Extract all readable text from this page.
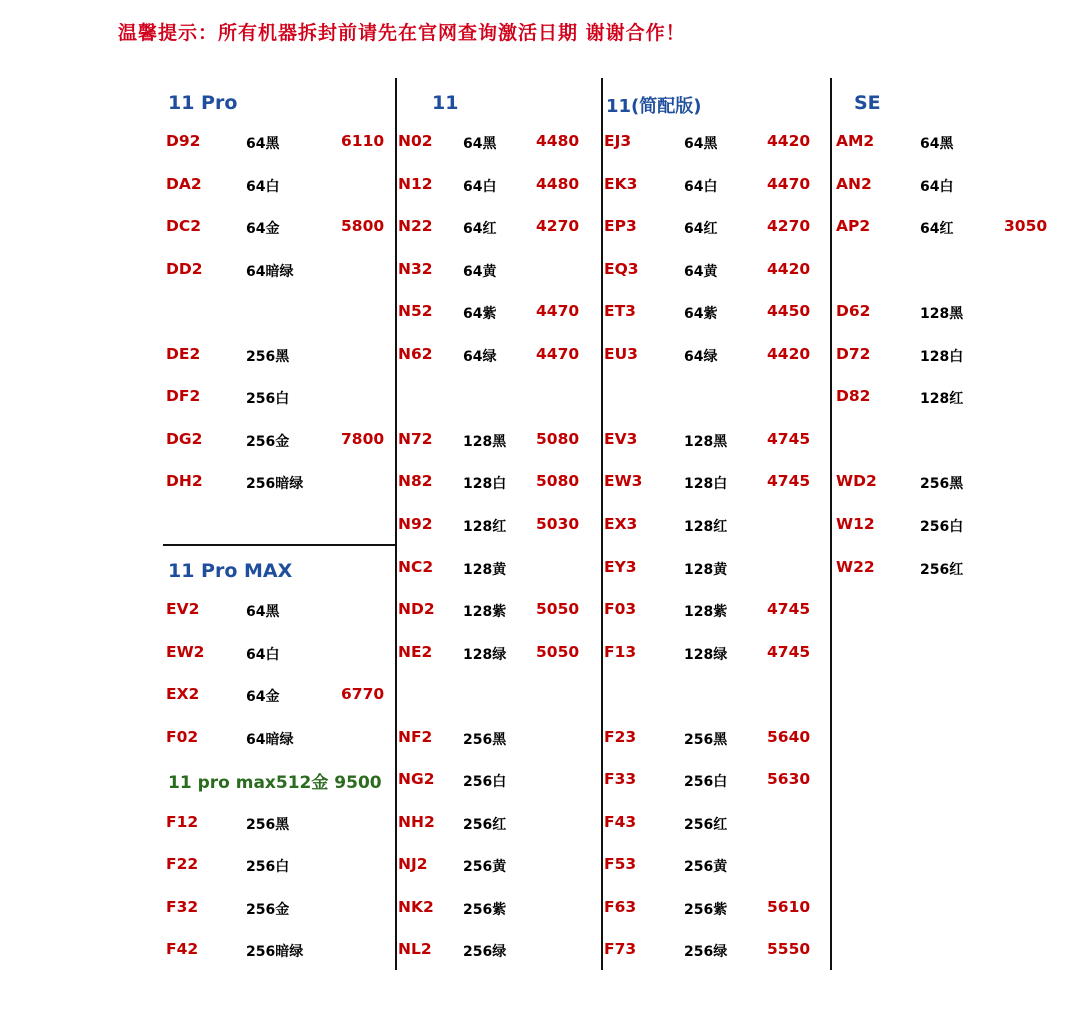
温馨提示：所有机器拆封前请先在官网查询激活日期 谢谢合作！
11 Pro
11 Pro MAX
11	11(简配版)	SE
11 pro max512金 9500
D92	64黑	6110
DA2	64白
DC2	64金	5800
DD2	64暗绿
DE2	256黑
DF2	256白
DG2	256金	7800
DH2	256暗绿
EV2	64黑
EW2	64白
EX2	64金	6770
F02	64暗绿
F12	256黑
F22	256白
F32	256金
F42	256暗绿
N02 64黑	4480
N12 64白	4480
N22 64红	4270
N32 64黄
N52 64紫	4470
N62 64绿	4470
N72 128黑 5080
N82 128白 5080
N92 128红 5030
NC2 128黄
ND2 128紫 5050
NE2 128绿 5050
NF2 256黑
NG2 256白
NH2 256红
NJ2	256黄
NK2 256紫
NL2 256绿
EJ3	64黑	4420
EK3	64白	4470
EP3	64红	4270
EQ3	64黄	4420
ET3	64紫	4450
EU3	64绿	4420
EV3	128黑	4745
EW3	128白	4745
EX3	128红
EY3	128黄
F03	128紫	4745
F13	128绿	4745
F23	256黑	5640
F33	256白	5630
F43	256红
F53	256黄
F63	256紫	5610
F73	256绿	5550
AM2	64黑
AN2	64白
AP2	64红	3050
D62	128黑
D72	128白
D82	128红
WD2	256黑
W12	256白
W22	256红
